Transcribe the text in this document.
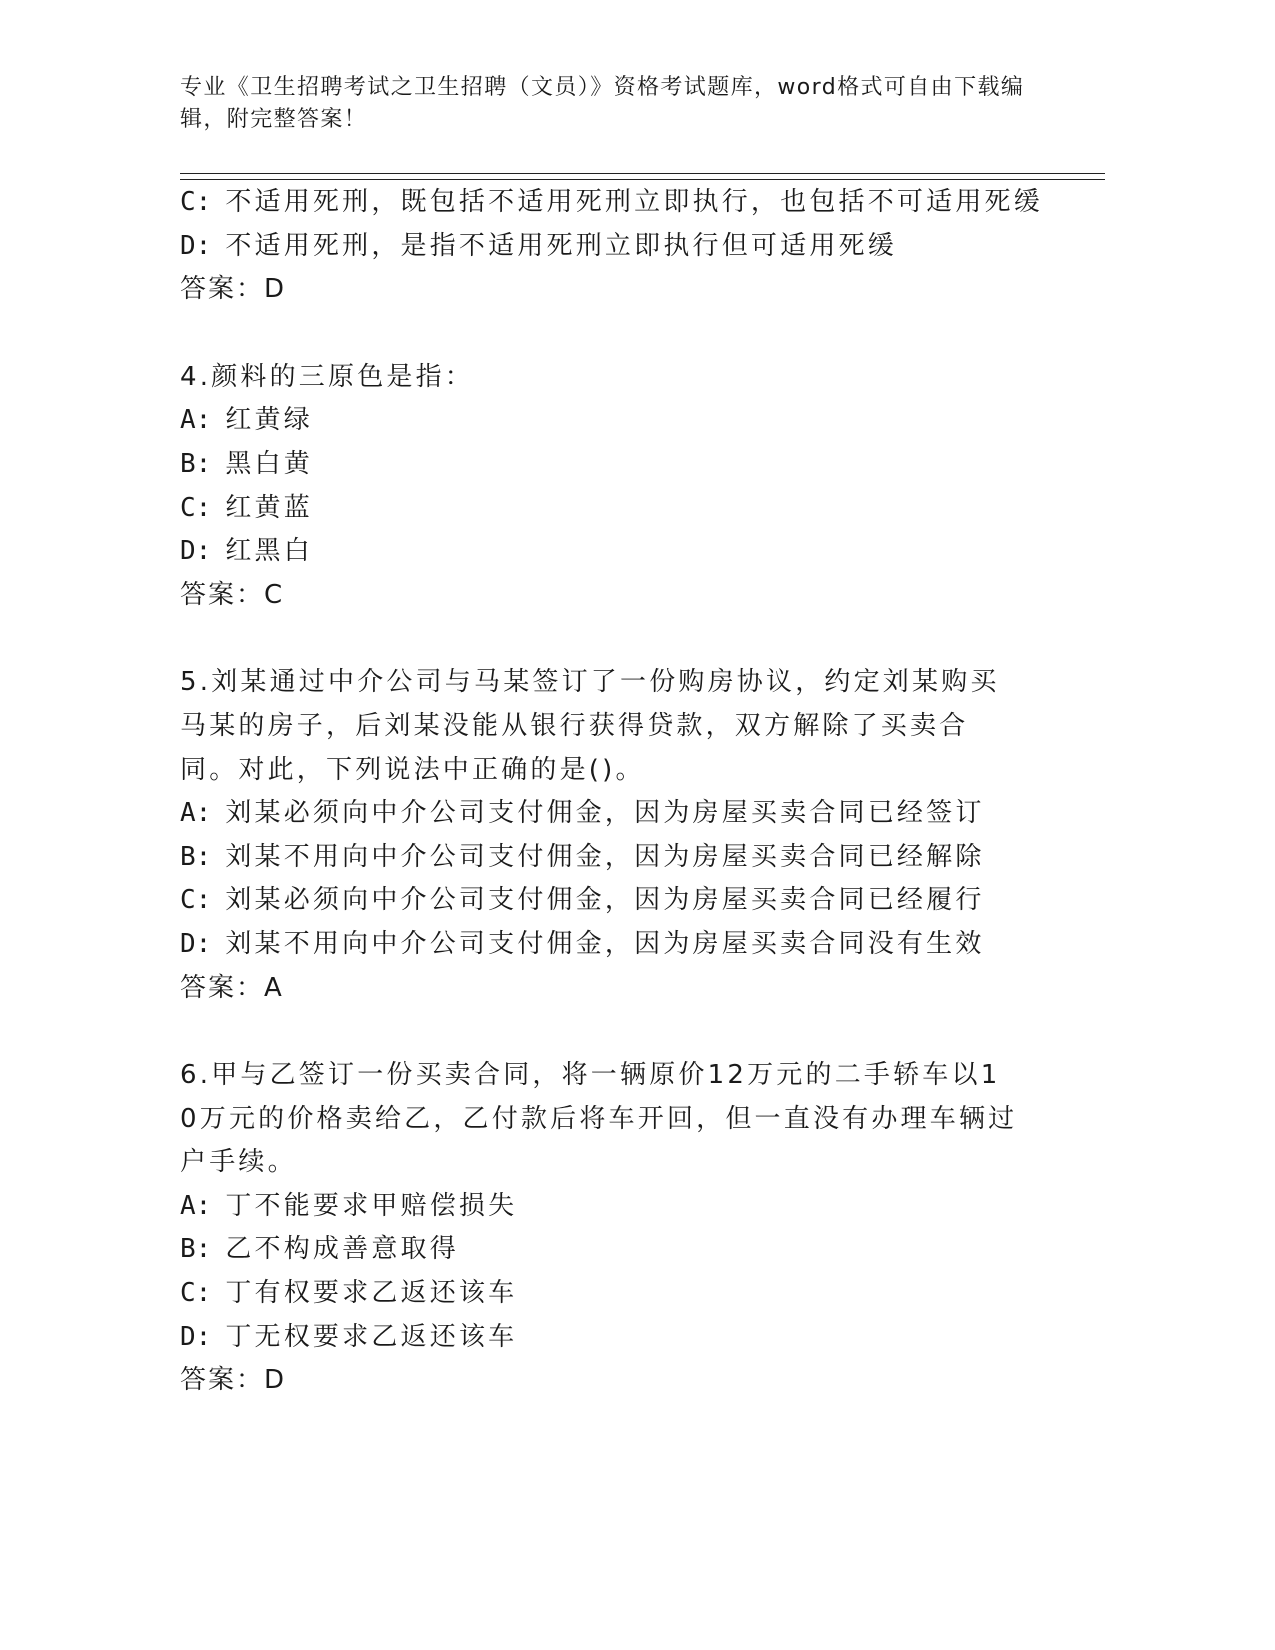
专业《卫生招聘考试之卫生招聘（文员）》资格考试题库，word格式可自由下载编辑，附完整答案！
C: 不适用死刑，既包括不适用死刑立即执行，也包括不可适用死缓
D: 不适用死刑，是指不适用死刑立即执行但可适用死缓
答案：D
4.颜料的三原色是指：
A: 红黄绿
B: 黑白黄
C: 红黄蓝
D: 红黑白
答案：C
5.刘某通过中介公司与马某签订了一份购房协议，约定刘某购买马某的房子，后刘某没能从银行获得贷款，双方解除了买卖合同。对此，下列说法中正确的是()。
A: 刘某必须向中介公司支付佣金，因为房屋买卖合同已经签订
B: 刘某不用向中介公司支付佣金，因为房屋买卖合同已经解除
C: 刘某必须向中介公司支付佣金，因为房屋买卖合同已经履行
D: 刘某不用向中介公司支付佣金，因为房屋买卖合同没有生效
答案：A
6.甲与乙签订一份买卖合同，将一辆原价12万元的二手轿车以10万元的价格卖给乙，乙付款后将车开回，但一直没有办理车辆过户手续。
A: 丁不能要求甲赔偿损失
B: 乙不构成善意取得
C: 丁有权要求乙返还该车
D: 丁无权要求乙返还该车
答案：D
